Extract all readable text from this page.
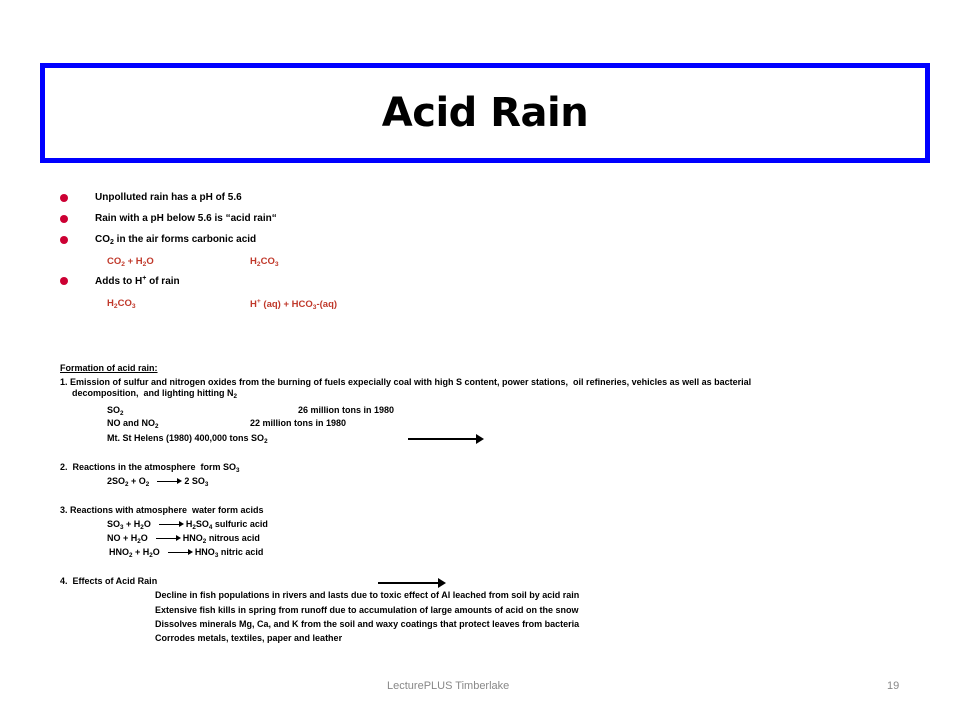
Acid Rain
Unpolluted rain has a pH of 5.6
Rain with a pH below 5.6 is “acid rain“
$CO_2$ in the air forms carbonic acid
$CO_2 + H_2O$	$H_2CO_3$
Adds to H+ of rain
$H_2CO_3$	H+ $(aq) + HCO_3-(aq)$
Formation of acid rain:
1. Emission of sulfur and nitrogen oxides from the burning of fuels expecially coal with high S content, power stations,  oil refineries, vehicles as well as bacterial
decomposition,  and lighting hitting $N_2$
$SO_2$	26 million tons in 1980
NO and $NO_2$	22 million tons in 1980
Mt. St Helens (1980) 400,000 tons $SO_2$
2.  Reactions in the atmosphere  form $SO_3$
$2SO_2 + O_2$	2 $SO_3$
3. Reactions with atmosphere  water form acids
$SO_3 + H_2O$	$H_2SO_4$ sulfuric acid
NO + $H_2O$	$HNO_2$ nitrous acid
$HNO_2 + H_2O$	$HNO_3$ nitric acid
4.  Effects of Acid Rain
Decline in fish populations in rivers and lasts due to toxic effect of Al leached from soil by acid rain
Extensive fish kills in spring from runoff due to accumulation of large amounts of acid on the snow
Dissolves minerals Mg, Ca, and K from the soil and waxy coatings that protect leaves from bacteria
Corrodes metals, textiles, paper and leather
LecturePLUS Timberlake	19
